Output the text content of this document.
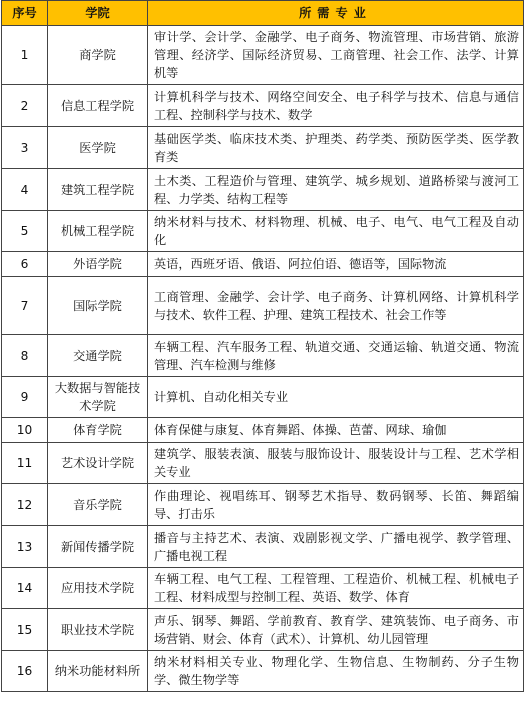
序号	学院	所需专业
1	商学院	审计学、会计学、金融学、电子商务、物流管理、市场营销、旅游管理、经济学、国际经济贸易、工商管理、社会工作、法学、计算机等
2	信息工程学院	计算机科学与技术、网络空间安全、电子科学与技术、信息与通信工程、控制科学与技术、数学
3	医学院	基础医学类、临床技术类、护理类、药学类、预防医学类、医学教育类
4	建筑工程学院	土木类、工程造价与管理、建筑学、城乡规划、道路桥梁与渡河工程、力学类、结构工程等
5	机械工程学院	纳米材料与技术、材料物理、机械、电子、电气、电气工程及自动化
6	外语学院	英语，西班牙语、俄语、阿拉伯语、德语等，国际物流
7	国际学院	工商管理、金融学、会计学、电子商务、计算机网络、计算机科学与技术、软件工程、护理、建筑工程技术、社会工作等
8	交通学院	车辆工程、汽车服务工程、轨道交通、交通运输、轨道交通、物流管理、汽车检测与维修
9	大数据与智能技术学院	计算机、自动化相关专业
10	体育学院	体育保健与康复、体育舞蹈、体操、芭蕾、网球、瑜伽
11	艺术设计学院	建筑学、服装表演、服装与服饰设计、服装设计与工程、艺术学相关专业
12	音乐学院	作曲理论、视唱练耳、钢琴艺术指导、数码钢琴、长笛、舞蹈编导、打击乐
13	新闻传播学院	播音与主持艺术、表演、戏剧影视文学、广播电视学、教学管理、广播电视工程
14	应用技术学院	车辆工程、电气工程、工程管理、工程造价、机械工程、机械电子工程、材料成型与控制工程、英语、数学、体育
15	职业技术学院	声乐、钢琴、舞蹈、学前教育、教育学、建筑装饰、电子商务、市场营销、财会、体育（武术）、计算机、幼儿园管理
16	纳米功能材料所	纳米材料相关专业、物理化学、生物信息、生物制药、分子生物学、微生物学等
